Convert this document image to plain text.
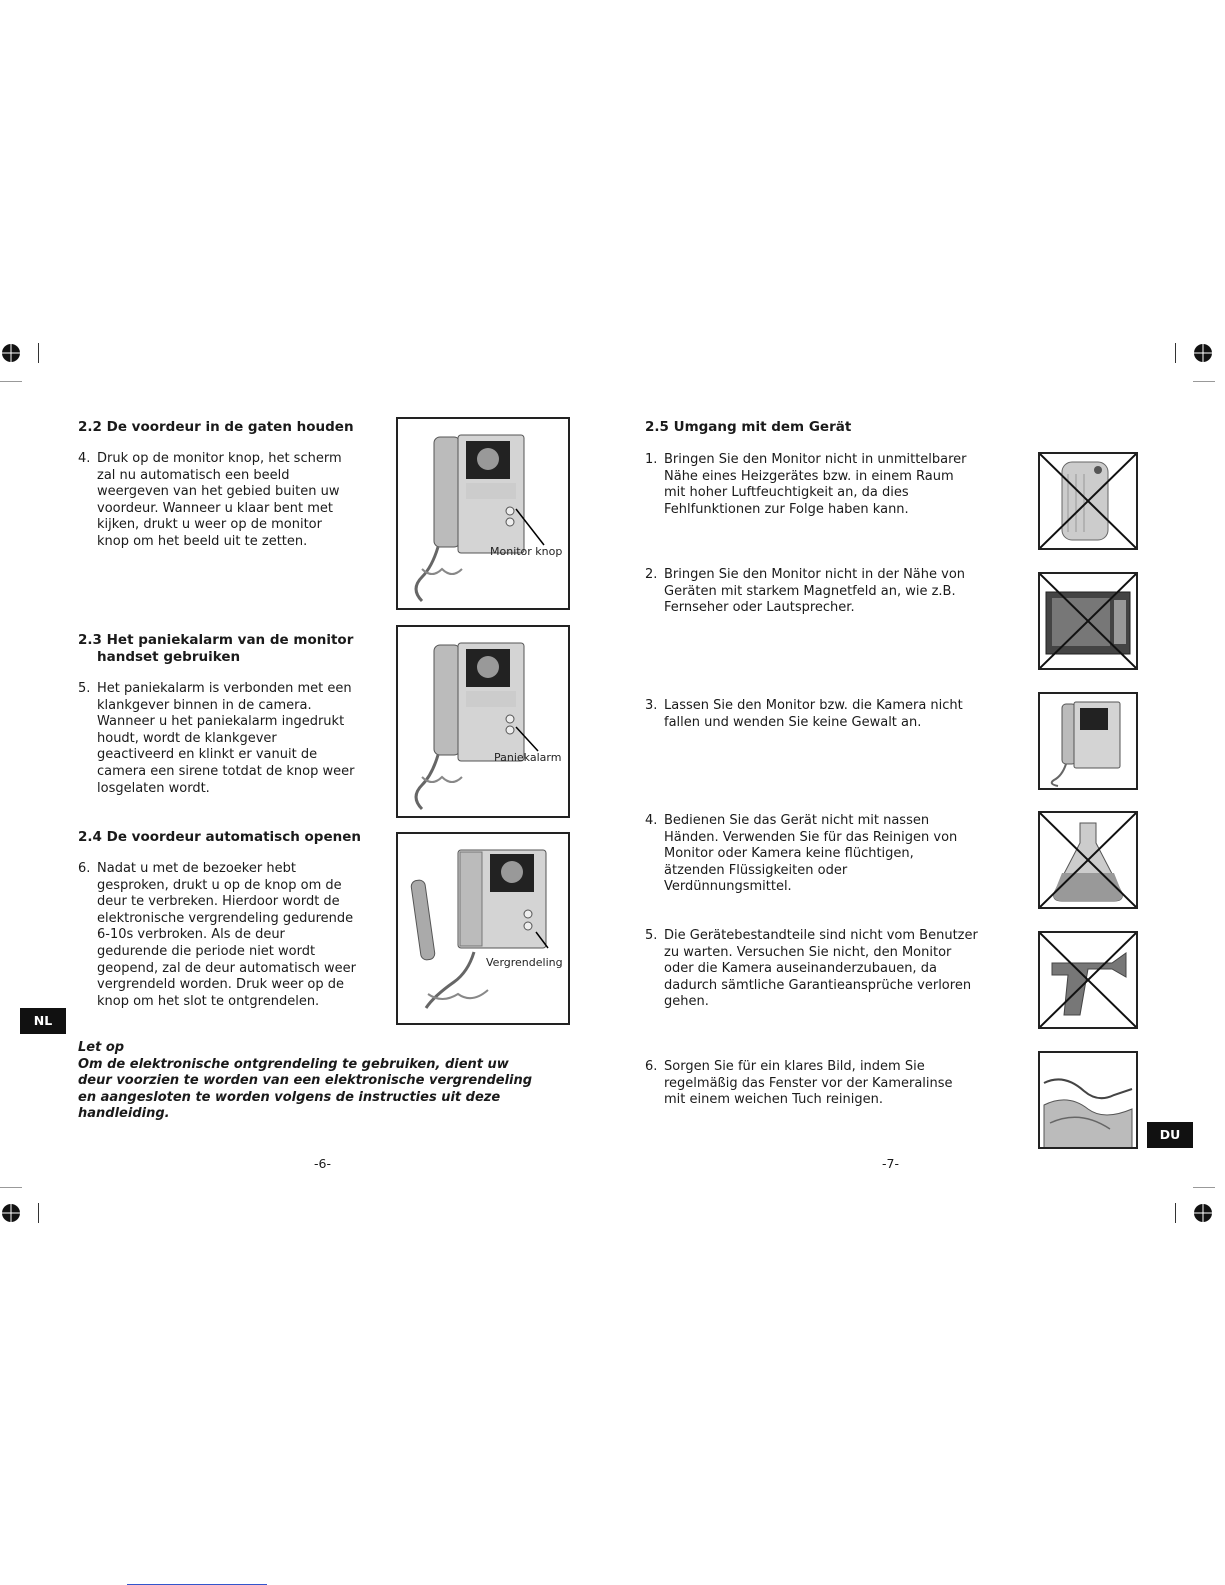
2.2 De voordeur in de gaten houden
4. Druk op de monitor knop, het scherm
zal nu automatisch een beeld
weergeven van het gebied buiten uw
voordeur. Wanneer u klaar bent met
kijken, drukt u weer op de monitor
knop om het beeld uit te zetten.
Monitor knop
2.3 Het paniekalarm van de monitor
handset gebruiken
5. Het paniekalarm is verbonden met een
klankgever binnen in de camera.
Wanneer u het paniekalarm ingedrukt
houdt, wordt de klankgever
geactiveerd en klinkt er vanuit de
camera een sirene totdat de knop weer
losgelaten wordt.
Paniekalarm
2.4 De voordeur automatisch openen
6. Nadat u met de bezoeker hebt
gesproken, drukt u op de knop om de
deur te verbreken. Hierdoor wordt de
elektronische vergrendeling gedurende
6-10s verbroken. Als de deur
gedurende die periode niet wordt
geopend, zal de deur automatisch weer
vergrendeld worden. Druk weer op de
knop om het slot te ontgrendelen.
Vergrendeling
Let op
Om de elektronische ontgrendeling te gebruiken, dient uw
deur voorzien te worden van een elektronische vergrendeling
en aangesloten te worden volgens de instructies uit deze
handleiding.
NL
-6-
2.5 Umgang mit dem Gerät
1. Bringen Sie den Monitor nicht in unmittelbarer
Nähe eines Heizgerätes bzw. in einem Raum
mit hoher Luftfeuchtigkeit an, da dies
Fehlfunktionen zur Folge haben kann.
2. Bringen Sie den Monitor nicht in der Nähe von
Geräten mit starkem Magnetfeld an, wie z.B.
Fernseher oder Lautsprecher.
3. Lassen Sie den Monitor bzw. die Kamera nicht
fallen und wenden Sie keine Gewalt an.
4. Bedienen Sie das Gerät nicht mit nassen
Händen. Verwenden Sie für das Reinigen von
Monitor oder Kamera keine flüchtigen,
ätzenden Flüssigkeiten oder
Verdünnungsmittel.
5. Die Gerätebestandteile sind nicht vom Benutzer
zu warten. Versuchen Sie nicht, den Monitor
oder die Kamera auseinanderzubauen, da
dadurch sämtliche Garantieansprüche verloren
gehen.
6. Sorgen Sie für ein klares Bild, indem Sie
regelmäßig das Fenster vor der Kameralinse
mit einem weichen Tuch reinigen.
DU
-7-
